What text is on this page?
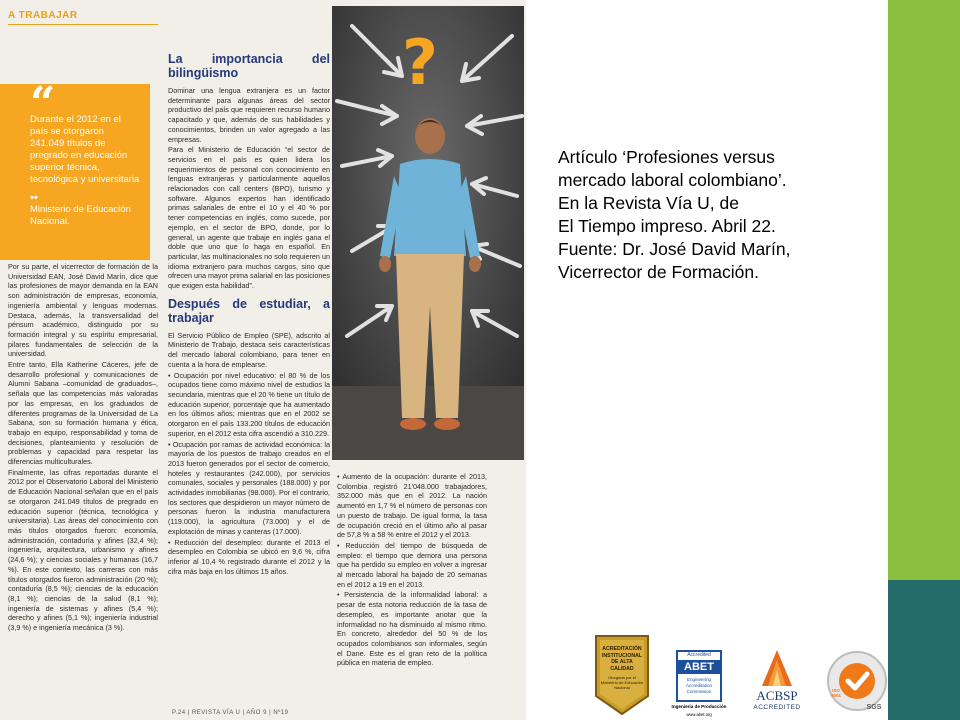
A TRABAJAR
“
Durante el 2012 en el país se otorgaron 241.049 títulos de pregrado en educación superior técnica, tecnológica y universitaria
••
Ministerio de Educación Nacional.

Por su parte, el vicerrector de formación de la Universidad EAN, José David Marín, dice que las profesiones de mayor demanda en la EAN son administración de empresas, economía, ingeniería ambiental y lenguas modernas. Destaca, además, la transversalidad del pénsum académico, distinguido por su formación integral y su espíritu empresarial, pilares fundamentales de selección de la universidad.

Entre tanto, Ella Katherine Cáceres, jefe de desarrollo profesional y comunicaciones de Alumni Sabana –comunidad de graduados–, señala que las competencias más valoradas por las empresas, en los graduados de diferentes programas de la Universidad de La Sabana, son su formación humana y ética, trabajo en equipo, responsabilidad y toma de decisiones, planteamiento y resolución de problemas y capacidad para respetar las diferencias multiculturales.

Finalmente, las cifras reportadas durante el 2012 por el Observatorio Laboral del Ministerio de Educación Nacional señalan que en el país se otorgaron 241.049 títulos de pregrado en educación superior (técnica, tecnológica y universitaria). Las áreas del conocimiento con más títulos otorgados fueron: economía, administración, contaduría y afines (32,4 %); ingeniería, arquitectura, urbanismo y afines (24,6 %); y ciencias sociales y humanas (16,7 %). En este contexto, las carreras con más títulos otorgados fueron administración (20 %); contaduría (8,5 %); ciencias de la educación (8,1 %); ciencias de la salud (8,1 %); ingeniería de sistemas y afines (5,4 %); derecho y afines (5,1 %); ingeniería industrial (3,9 %) e ingeniería mecánica (3 %).

La importancia del bilingüismo

Dominar una lengua extranjera es un factor determinante para algunas áreas del sector productivo del país que requieren recurso humano capacitado y que, además de sus habilidades y conocimientos, brinden un valor agregado a las empresas.

Para el Ministerio de Educación “el sector de servicios en el país es quien lidera los requerimientos de personal con conocimiento en lenguas extranjeras y particularmente aquellos relacionados con call centers (BPO), turismo y software. Algunos expertos han identificado primas salariales de entre el 10 y el 40 % por tener competencias en inglés, como sucede, por ejemplo, en el sector de BPO, donde, por lo general, un agente que trabaje en inglés gana el doble que uno que lo haga en español. En particular, las multinacionales no solo requieren un idioma extranjero para muchos cargos, sino que ofrecen una mayor prima salarial en las posiciones que exigen esta habilidad”.

Después de estudiar, a trabajar

El Servicio Público de Empleo (SPE), adscrito al Ministerio de Trabajo, destaca seis características del mercado laboral colombiano, para tener en cuenta a la hora de emplearse.

• Ocupación por nivel educativo: el 80 % de los ocupados tiene como máximo nivel de estudios la secundaria, mientras que el 20 % tiene un título de educación superior, porcentaje que ha aumentado en los últimos años; mientras que en el 2002 se otorgaron en el país 133.200 títulos de educación superior, en el 2012 esta cifra ascendió a 310.229.

• Ocupación por ramas de actividad económica: la mayoría de los puestos de trabajo creados en el 2013 fueron generados por el sector de comercio, hoteles y restaurantes (242.000), por servicios comunales, sociales y personales (188.000) y por actividades inmobiliarias (98.000). Por el contrario, los sectores que despidieron un mayor número de personas fueron la industria manufacturera (119.000), la agricultura (73.000) y el de explotación de minas y canteras (17.000).

• Reducción del desempleo: durante el 2013 el desempleo en Colombia se ubicó en 9,6 %, cifra inferior al 10,4 % registrado durante el 2012 y la cifra más baja en los últimos 15 años.

• Aumento de la ocupación: durante el 2013, Colombia registró 21'048.000 trabajadores, 352.000 más que en el 2012. La nación aumentó en 1,7 % el número de personas con un puesto de trabajo. De igual forma, la tasa de ocupación creció en el último año al pasar de 57,8 % a 58 % entre el 2012 y el 2013.

• Reducción del tiempo de búsqueda de empleo: el tiempo que demora una persona que ha perdido su empleo en volver a ingresar al mercado laboral ha bajado de 20 semanas en el 2012 a 19 en el 2013.

• Persistencia de la informalidad laboral: a pesar de esta notoria reducción de la tasa de desempleo, es importante anotar que la informalidad no ha disminuido al mismo ritmo. En concreto, alrededor del 50 % de los ocupados colombianos son informales, según el Dane. Este es el gran reto de la política pública en materia de empleo.

?
P.24 | REVISTA VÍA U | AÑO 9 | Nº19
Artículo ‘Profesiones versus
mercado laboral colombiano’.
En la Revista Vía U, de
El Tiempo impreso. Abril 22.
Fuente: Dr. José David Marín,
Vicerrector de Formación.
ACREDITACIÓN
INSTITUCIONAL
DE ALTA CALIDAD
Otorgada por el Ministerio de Educación Nacional
Accredited
ABET
Engineering
Accreditation
Commission
Ingeniería de Producción
www.abet.org
ACBSP
ACCREDITED
ISO 9001
SGS
